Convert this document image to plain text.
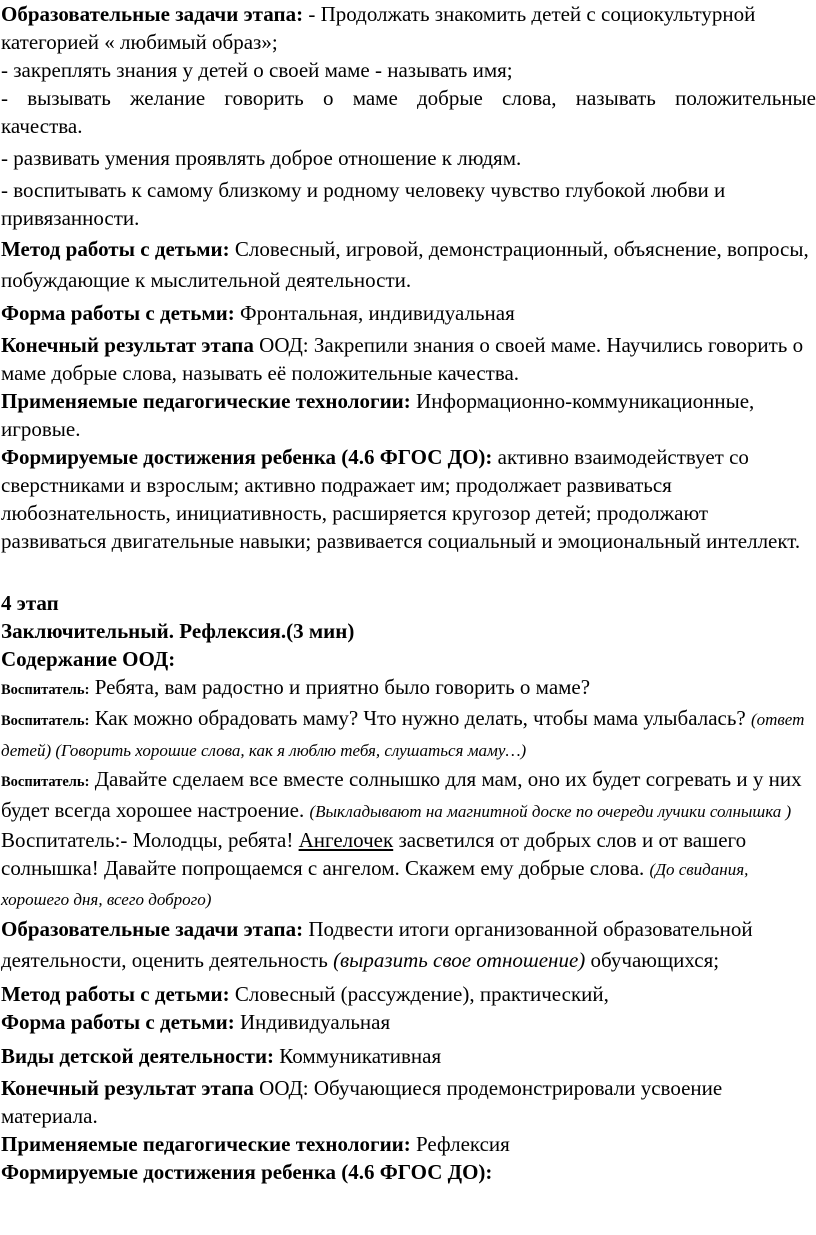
Образовательные задачи этапа: - Продолжать знакомить детей с социокультурной категорией « любимый образ»;

- закреплять знания у детей о своей маме - называть имя;

- вызывать желание говорить о маме добрые слова, называть положительные качества.

- развивать умения проявлять доброе отношение к людям.

- воспитывать к самому близкому и родному человеку чувство глубокой любви и привязанности.

Метод работы с детьми: Словесный, игровой, демонстрационный, объяснение, вопросы, побуждающие к мыслительной деятельности.

Форма работы с детьми: Фронтальная, индивидуальная

Конечный результат этапа ООД: Закрепили знания о своей маме. Научились говорить о маме добрые слова, называть её положительные качества.

Применяемые педагогические технологии: Информационно-коммуникационные, игровые.

Формируемые достижения ребенка (4.6 ФГОС ДО): активно взаимодействует со сверстниками и взрослым; активно подражает им; продолжает развиваться любознательность, инициативность, расширяется кругозор детей; продолжают развиваться двигательные навыки; развивается социальный и эмоциональный интеллект.

4 этап

Заключительный. Рефлексия.(3 мин)

Содержание ООД:

Воспитатель: Ребята, вам радостно и приятно было говорить о маме?

Воспитатель: Как можно обрадовать маму? Что нужно делать, чтобы мама улыбалась? (ответ детей) (Говорить хорошие слова, как я люблю тебя, слушаться маму…)

Воспитатель: Давайте сделаем все вместе солнышко для мам, оно их будет согревать и у них будет всегда хорошее настроение. (Выкладывают на магнитной доске по очереди лучики солнышка )

Воспитатель:- Молодцы, ребята! Ангелочек засветился от добрых слов и от вашего солнышка! Давайте попрощаемся с ангелом. Скажем ему добрые слова. (До свидания, хорошего дня, всего доброго)

Образовательные задачи этапа: Подвести итоги организованной образовательной деятельности, оценить деятельность (выразить свое отношение) обучающихся;

Метод работы с детьми: Словесный (рассуждение), практический,

Форма работы с детьми: Индивидуальная

Виды детской деятельности: Коммуникативная

Конечный результат этапа ООД: Обучающиеся продемонстрировали усвоение материала.

Применяемые педагогические технологии: Рефлексия

Формируемые достижения ребенка (4.6 ФГОС ДО):
